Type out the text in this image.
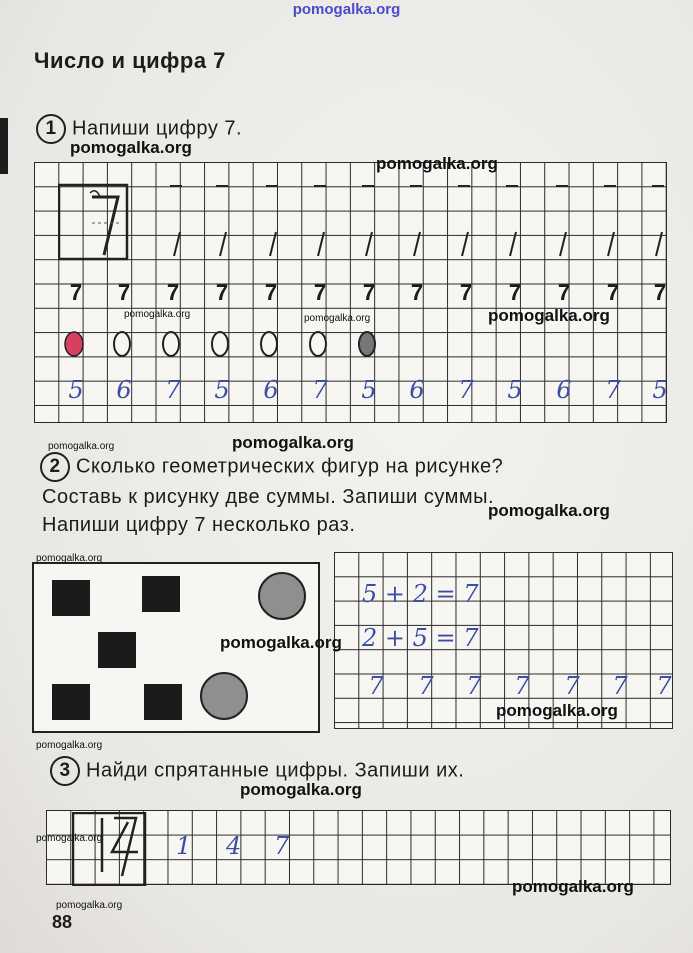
pomogalka.org
Число и цифра 7
1 Напиши цифру 7.
7 7 7 7 7 7 7 7 7 7 7 7 7
5 6 7 5 6 7 5 6 7 5 6 7 5
2 Сколько геометрических фигур на рисунке?
Составь к рисунку две суммы. Запиши суммы.
Напиши цифру 7 несколько раз.
5 + 2 = 7
2 + 5 = 7
7 7 7 7 7 7 7
3 Найди спрятанные цифры. Запиши их.
1 4 7
88
pomogalka.org
pomogalka.org
pomogalka.org	pomogalka.org	pomogalka.org
pomogalka.org	pomogalka.org
pomogalka.org
pomogalka.org
pomogalka.org
pomogalka.org
pomogalka.org
pomogalka.org
pomogalka.org
pomogalka.org
pomogalka.org
